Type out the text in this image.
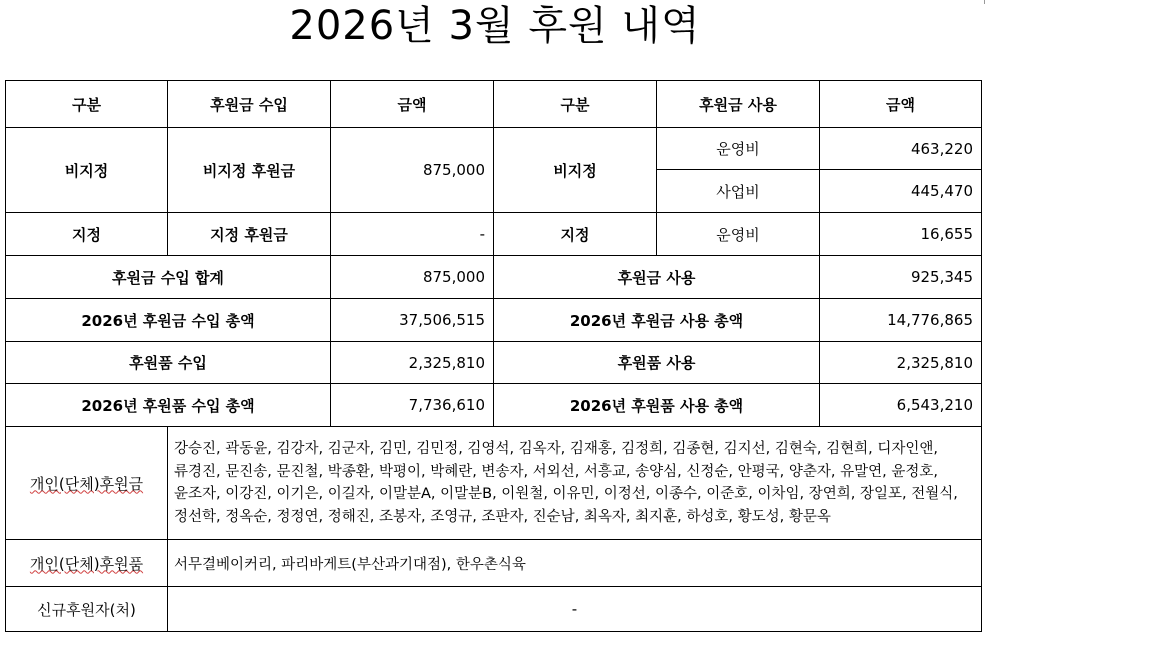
2026년 3월 후원 내역
구분	후원금 수입	금액	구분	후원금 사용	금액
비지정	비지정 후원금	875,000	비지정	운영비	463,220
				사업비	445,470
지정	지정 후원금	-	지정	운영비	16,655
후원금 수입 합계		875,000	후원금 사용		925,345
2026년 후원금 수입 총액		37,506,515	2026년 후원금 사용 총액		14,776,865
후원품 수입		2,325,810	후원품 사용		2,325,810
2026년 후원품 수입 총액		7,736,610	2026년 후원품 사용 총액		6,543,210
개인(단체)후원금	강승진, 곽동윤, 김강자, 김군자, 김민, 김민정, 김영석, 김옥자, 김재홍, 김정희, 김종현, 김지선, 김현숙, 김현희, 디자인앤, 류경진, 문진송, 문진철, 박종환, 박평이, 박혜란, 변송자, 서외선, 서흥교, 송양심, 신정순, 안평국, 양춘자, 유말연, 윤정호, 윤조자, 이강진, 이기은, 이길자, 이말분A, 이말분B, 이원철, 이유민, 이정선, 이종수, 이준호, 이차임, 장연희, 장일포, 전월식, 정선학, 정옥순, 정정연, 정해진, 조봉자, 조영규, 조판자, 진순남, 최옥자, 최지훈, 하성호, 황도성, 황문옥				
개인(단체)후원품	서무결베이커리, 파리바게트(부산과기대점), 한우촌식육				
신규후원자(처)	-				
